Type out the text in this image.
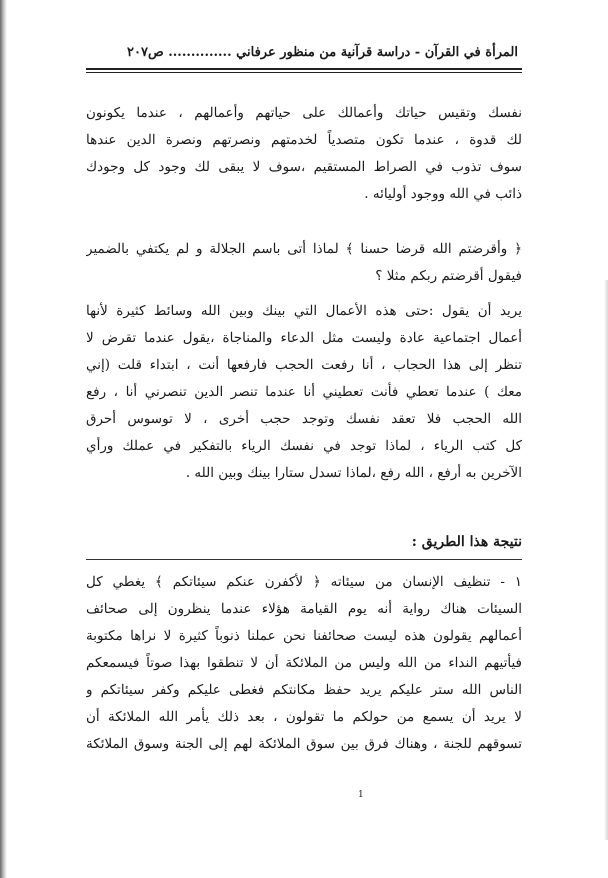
المرأة في القرآن - دراسة قرآنية من منظور عرفاني .............. ص٢٠٧
نفسك وتقيس حياتك وأعمالك على حياتهم وأعمالهم ، عندما يكونون
لك قدوة ، عندما تكون متصدياً لخدمتهم ونصرتهم ونصرة الدين عندها
سوف تذوب في الصراط المستقيم ،سوف لا يبقى لك وجود كل وجودك
ذائب في الله ووجود أوليائه .
﴿ وأقرضتم الله قرضا حسنا ﴾ لماذا أتى باسم الجلالة و لم يكتفي بالضمير
فيقول أقرضتم ربكم مثلا ؟
يريد أن يقول :حتى هذه الأعمال التي بينك وبين الله وسائط كثيرة لأنها
أعمال اجتماعية عادة وليست مثل الدعاء والمناجاة ،يقول عندما تقرض لا
تنظر إلى هذا الحجاب ، أنا رفعت الحجب فارفعها أنت ، ابتداء قلت (إني
معك ) عندما تعطي فأنت تعطيني أنا عندما تنصر الدين تنصرني أنا ، رفع
الله الحجب فلا تعقد نفسك وتوجد حجب أخرى ، لا توسوس أحرق
كل كتب الرياء ، لماذا توجد في نفسك الرياء بالتفكير في عملك ورأي
الآخرين به أرفع ، الله رفع ،لماذا تسدل ستارا بينك وبين الله .
نتيجة هذا الطريق :
١ - تنظيف الإنسان من سيئاته ﴿ لأكفرن عنكم سيئاتكم ﴾ يغطي كل
السيئات هناك رواية أنه يوم القيامة هؤلاء عندما ينظرون إلى صحائف
أعمالهم يقولون هذه ليست صحائفنا نحن عملنا ذنوباً كثيرة لا نراها مكتوبة
فيأتيهم النداء من الله وليس من الملائكة أن لا تنطقوا بهذا صوتاً فيسمعكم
الناس الله ستر عليكم يريد حفظ مكانتكم فغطى عليكم وكفر سيئاتكم و
لا يريد أن يسمع من حولكم ما تقولون ، بعد ذلك يأمر الله الملائكة أن
تسوقهم للجنة ، وهناك فرق بين سوق الملائكة لهم إلى الجنة وسوق الملائكة
1
